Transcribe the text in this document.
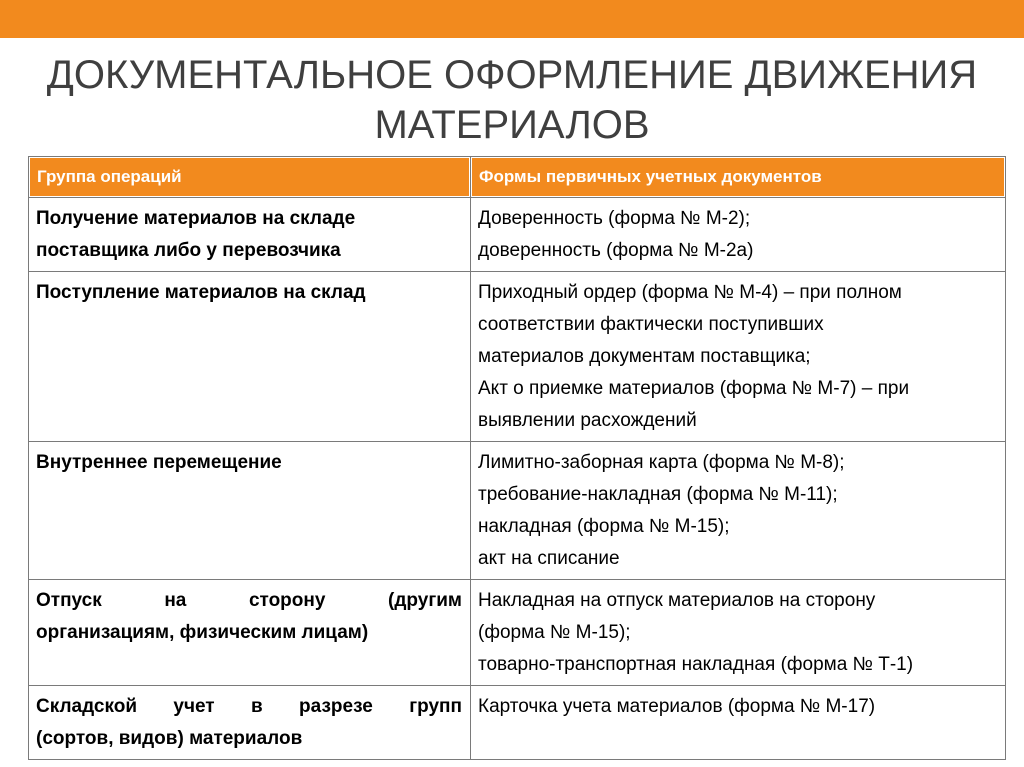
ДОКУМЕНТАЛЬНОЕ ОФОРМЛЕНИЕ ДВИЖЕНИЯ
МАТЕРИАЛОВ
Группа операций	Формы первичных учетных документов

Получение материалов на складе
поставщика либо у перевозчика	Доверенность (форма № М-2);
доверенность (форма № М-2а)

Поступление материалов на склад	Приходный ордер (форма № М-4) – при полном
соответствии фактически поступивших
материалов документам поставщика;
Акт о приемке материалов (форма № М-7) – при
выявлении расхождений

Внутреннее перемещение	Лимитно-заборная карта (форма № М-8);
требование-накладная (форма № М-11);
накладная (форма № М-15);
акт на списание

Отпуск на сторону (другим
организациям, физическим лицам)	Накладная на отпуск материалов на сторону
(форма № М-15);
товарно-транспортная накладная (форма № Т-1)

Складской учет в разрезе групп
(сортов, видов) материалов	Карточка учета материалов (форма № М-17)
